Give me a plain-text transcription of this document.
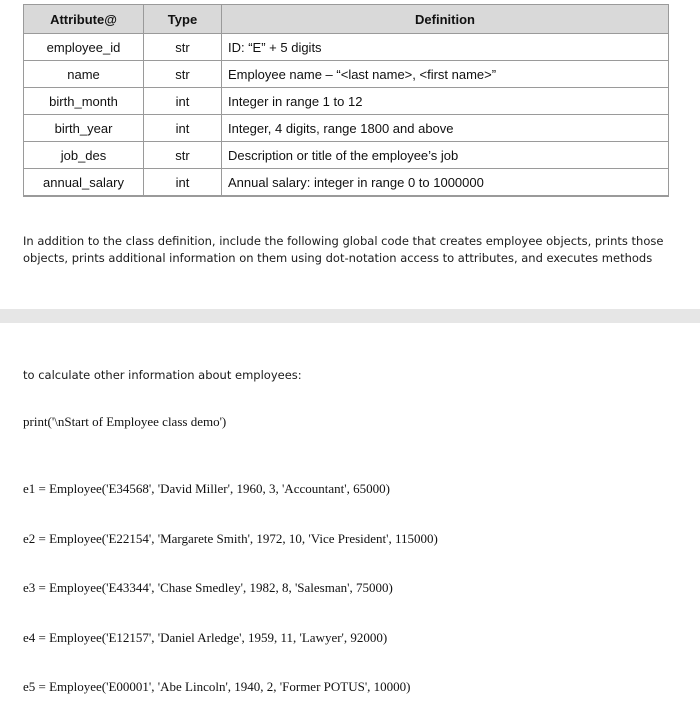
Attribute@	Type	Definition
employee_id	str	ID: “E” + 5 digits
name	str	Employee name – “<last name>, <first name>”
birth_month	int	Integer in range 1 to 12
birth_year	int	Integer, 4 digits, range 1800 and above
job_des	str	Description or title of the employee’s job
annual_salary	int	Annual salary: integer in range 0 to 1000000

In addition to the class definition, include the following global code that creates employee objects, prints those objects, prints additional information on them using dot-notation access to attributes, and executes methods

to calculate other information about employees:

print('\nStart of Employee class demo')

e1 = Employee('E34568', 'David Miller', 1960, 3, 'Accountant', 65000)

e2 = Employee('E22154', 'Margarete Smith', 1972, 10, 'Vice President', 115000)

e3 = Employee('E43344', 'Chase Smedley', 1982, 8, 'Salesman', 75000)

e4 = Employee('E12157', 'Daniel Arledge', 1959, 11, 'Lawyer', 92000)

e5 = Employee('E00001', 'Abe Lincoln', 1940, 2, 'Former POTUS', 10000)
